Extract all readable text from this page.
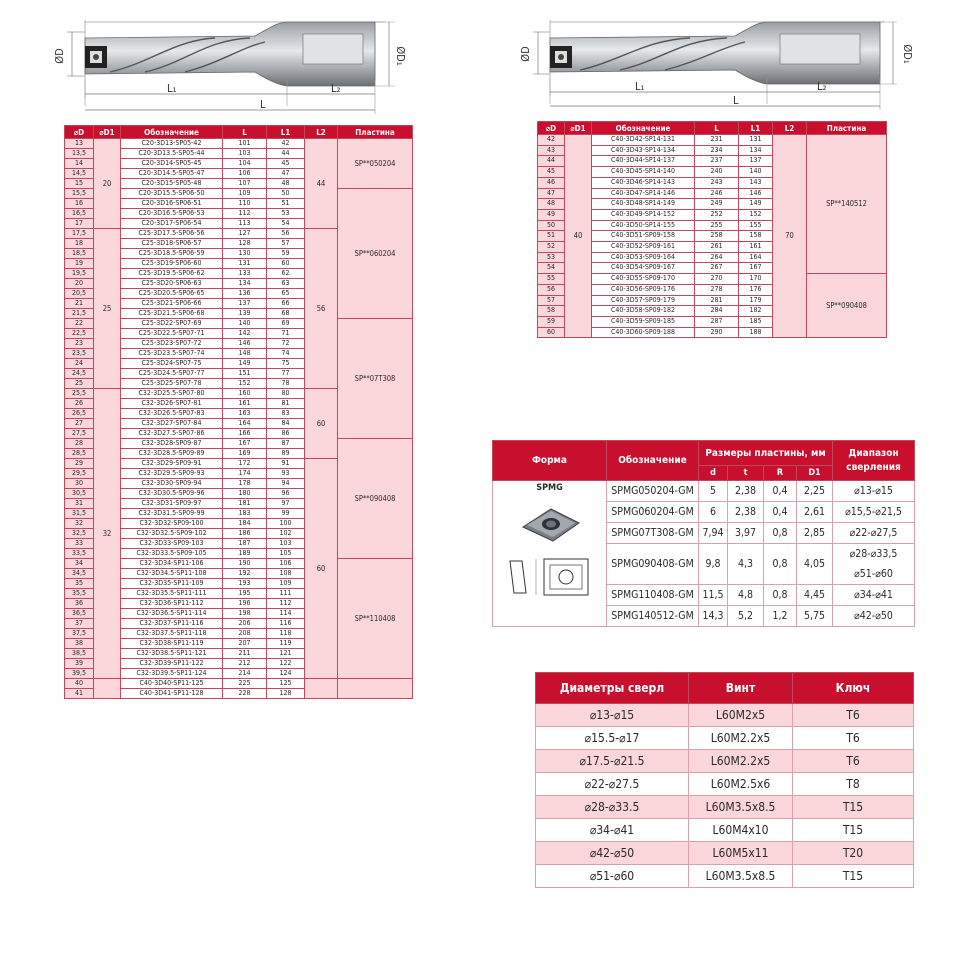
ØD	ØD₁
L₁	L₂
L
ØD	ØD₁
L₁	L₂
L
⌀D	⌀D1	Обозначение	L	L1	L2	Пластина
13	20	C20-3D13-SP05-42	101	42	44	SP**050204
13,5		C20-3D13.5-SP05-44	103	44		
14		C20-3D14-SP05-45	104	45		
14,5		C20-3D14.5-SP05-47	106	47		
15		C20-3D15-SP05-48	107	48		
15,5		C20-3D15.5-SP06-50	109	50		SP**060204
16		C20-3D16-SP06-51	110	51		
16,5		C20-3D16.5-SP06-53	112	53		
17		C20-3D17-SP06-54	113	54		
17,5	25	C25-3D17.5-SP06-56	127	56	56	
18		C25-3D18-SP06-57	128	57		
18,5		C25-3D18.5-SP06-59	130	59		
19		C25-3D19-SP06-60	131	60		
19,5		C25-3D19.5-SP06-62	133	62		
20		C25-3D20-SP06-63	134	63		
20,5		C25-3D20.5-SP06-65	136	65		
21		C25-3D21-SP06-66	137	66		
21,5		C25-3D21.5-SP06-68	139	68		
22		C25-3D22-SP07-69	140	69		SP**07T308
22,5		C25-3D22.5-SP07-71	142	71		
23		C25-3D23-SP07-72	146	72		
23,5		C25-3D23.5-SP07-74	148	74		
24		C25-3D24-SP07-75	149	75		
24,5		C25-3D24.5-SP07-77	151	77		
25		C25-3D25-SP07-78	152	78		
25,5	32	C32-3D25.5-SP07-80	160	80	60	
26		C32-3D26-SP07-81	161	81		
26,5		C32-3D26.5-SP07-83	163	83		
27		C32-3D27-SP07-84	164	84		
27,5		C32-3D27.5-SP07-86	166	86		
28		C32-3D28-SP09-87	167	87		SP**090408
28,5		C32-3D28.5-SP09-89	169	89		
29		C32-3D29-SP09-91	172	91	60	
29,5		C32-3D29.5-SP09-93	174	93		
30		C32-3D30-SP09-94	178	94		
30,5		C32-3D30.5-SP09-96	180	96		
31		C32-3D31-SP09-97	181	97		
31,5		C32-3D31.5-SP09-99	183	99		
32		C32-3D32-SP09-100	184	100		
32,5		C32-3D32.5-SP09-102	186	102		
33		C32-3D33-SP09-103	187	103		
33,5		C32-3D33.5-SP09-105	189	105		
34		C32-3D34-SP11-106	190	106		SP**110408
34,5		C32-3D34.5-SP11-108	192	108		
35		C32-3D35-SP11-109	193	109		
35,5		C32-3D35.5-SP11-111	195	111		
36		C32-3D36-SP11-112	196	112		
36,5		C32-3D36.5-SP11-114	198	114		
37		C32-3D37-SP11-116	206	116		
37,5		C32-3D37.5-SP11-118	208	118		
38		C32-3D38-SP11-119	207	119		
38,5		C32-3D38.5-SP11-121	211	121		
39		C32-3D39-SP11-122	212	122		
39,5		C32-3D39.5-SP11-124	214	124		
40		C40-3D40-SP11-125	225	125		
41		C40-3D41-SP11-128	228	128		
⌀D	⌀D1	Обозначение	L	L1	L2	Пластина
42	40	C40-3D42-SP14-131	231	131	70	SP**140512
43		C40-3D43-SP14-134	234	134		
44		C40-3D44-SP14-137	237	137		
45		C40-3D45-SP14-140	240	140		
46		C40-3D46-SP14-143	243	143		
47		C40-3D47-SP14-146	246	146		
48		C40-3D48-SP14-149	249	149		
49		C40-3D49-SP14-152	252	152		
50		C40-3D50-SP14-155	255	155		
51		C40-3D51-SP09-158	258	158		
52		C40-3D52-SP09-161	261	161		
53		C40-3D53-SP09-164	264	164		
54		C40-3D54-SP09-167	267	167		
55		C40-3D55-SP09-170	270	170		SP**090408
56		C40-3D56-SP09-176	278	176		
57		C40-3D57-SP09-179	281	179		
58		C40-3D58-SP09-182	284	182		
59		C40-3D59-SP09-185	287	185		
60		C40-3D60-SP09-188	290	188		
Форма	Обозначение	Размеры пластины, мм				Диапазон сверления
		d	t	R	D1	

SPMG	SPMG050204-GM	5	2,38	0,4	2,25	⌀13-⌀15
	SPMG060204-GM	6	2,38	0,4	2,61	⌀15,5-⌀21,5
	SPMG07T308-GM	7,94	3,97	0,8	2,85	⌀22-⌀27,5
	SPMG090408-GM	9,8	4,3	0,8	4,05	⌀28-⌀33,5
⌀51-⌀60

	SPMG110408-GM	11,5	4,8	0,8	4,45	⌀34-⌀41
	SPMG140512-GM	14,3	5,2	1,2	5,75	⌀42-⌀50
Диаметры сверл	Винт	Ключ
⌀13-⌀15	L60M2x5	T6
⌀15.5-⌀17	L60M2.2x5	T6
⌀17.5-⌀21.5	L60M2.2x5	T6
⌀22-⌀27.5	L60M2.5x6	T8
⌀28-⌀33.5	L60M3.5x8.5	T15
⌀34-⌀41	L60M4x10	T15
⌀42-⌀50	L60M5x11	T20
⌀51-⌀60	L60M3.5x8.5	T15
